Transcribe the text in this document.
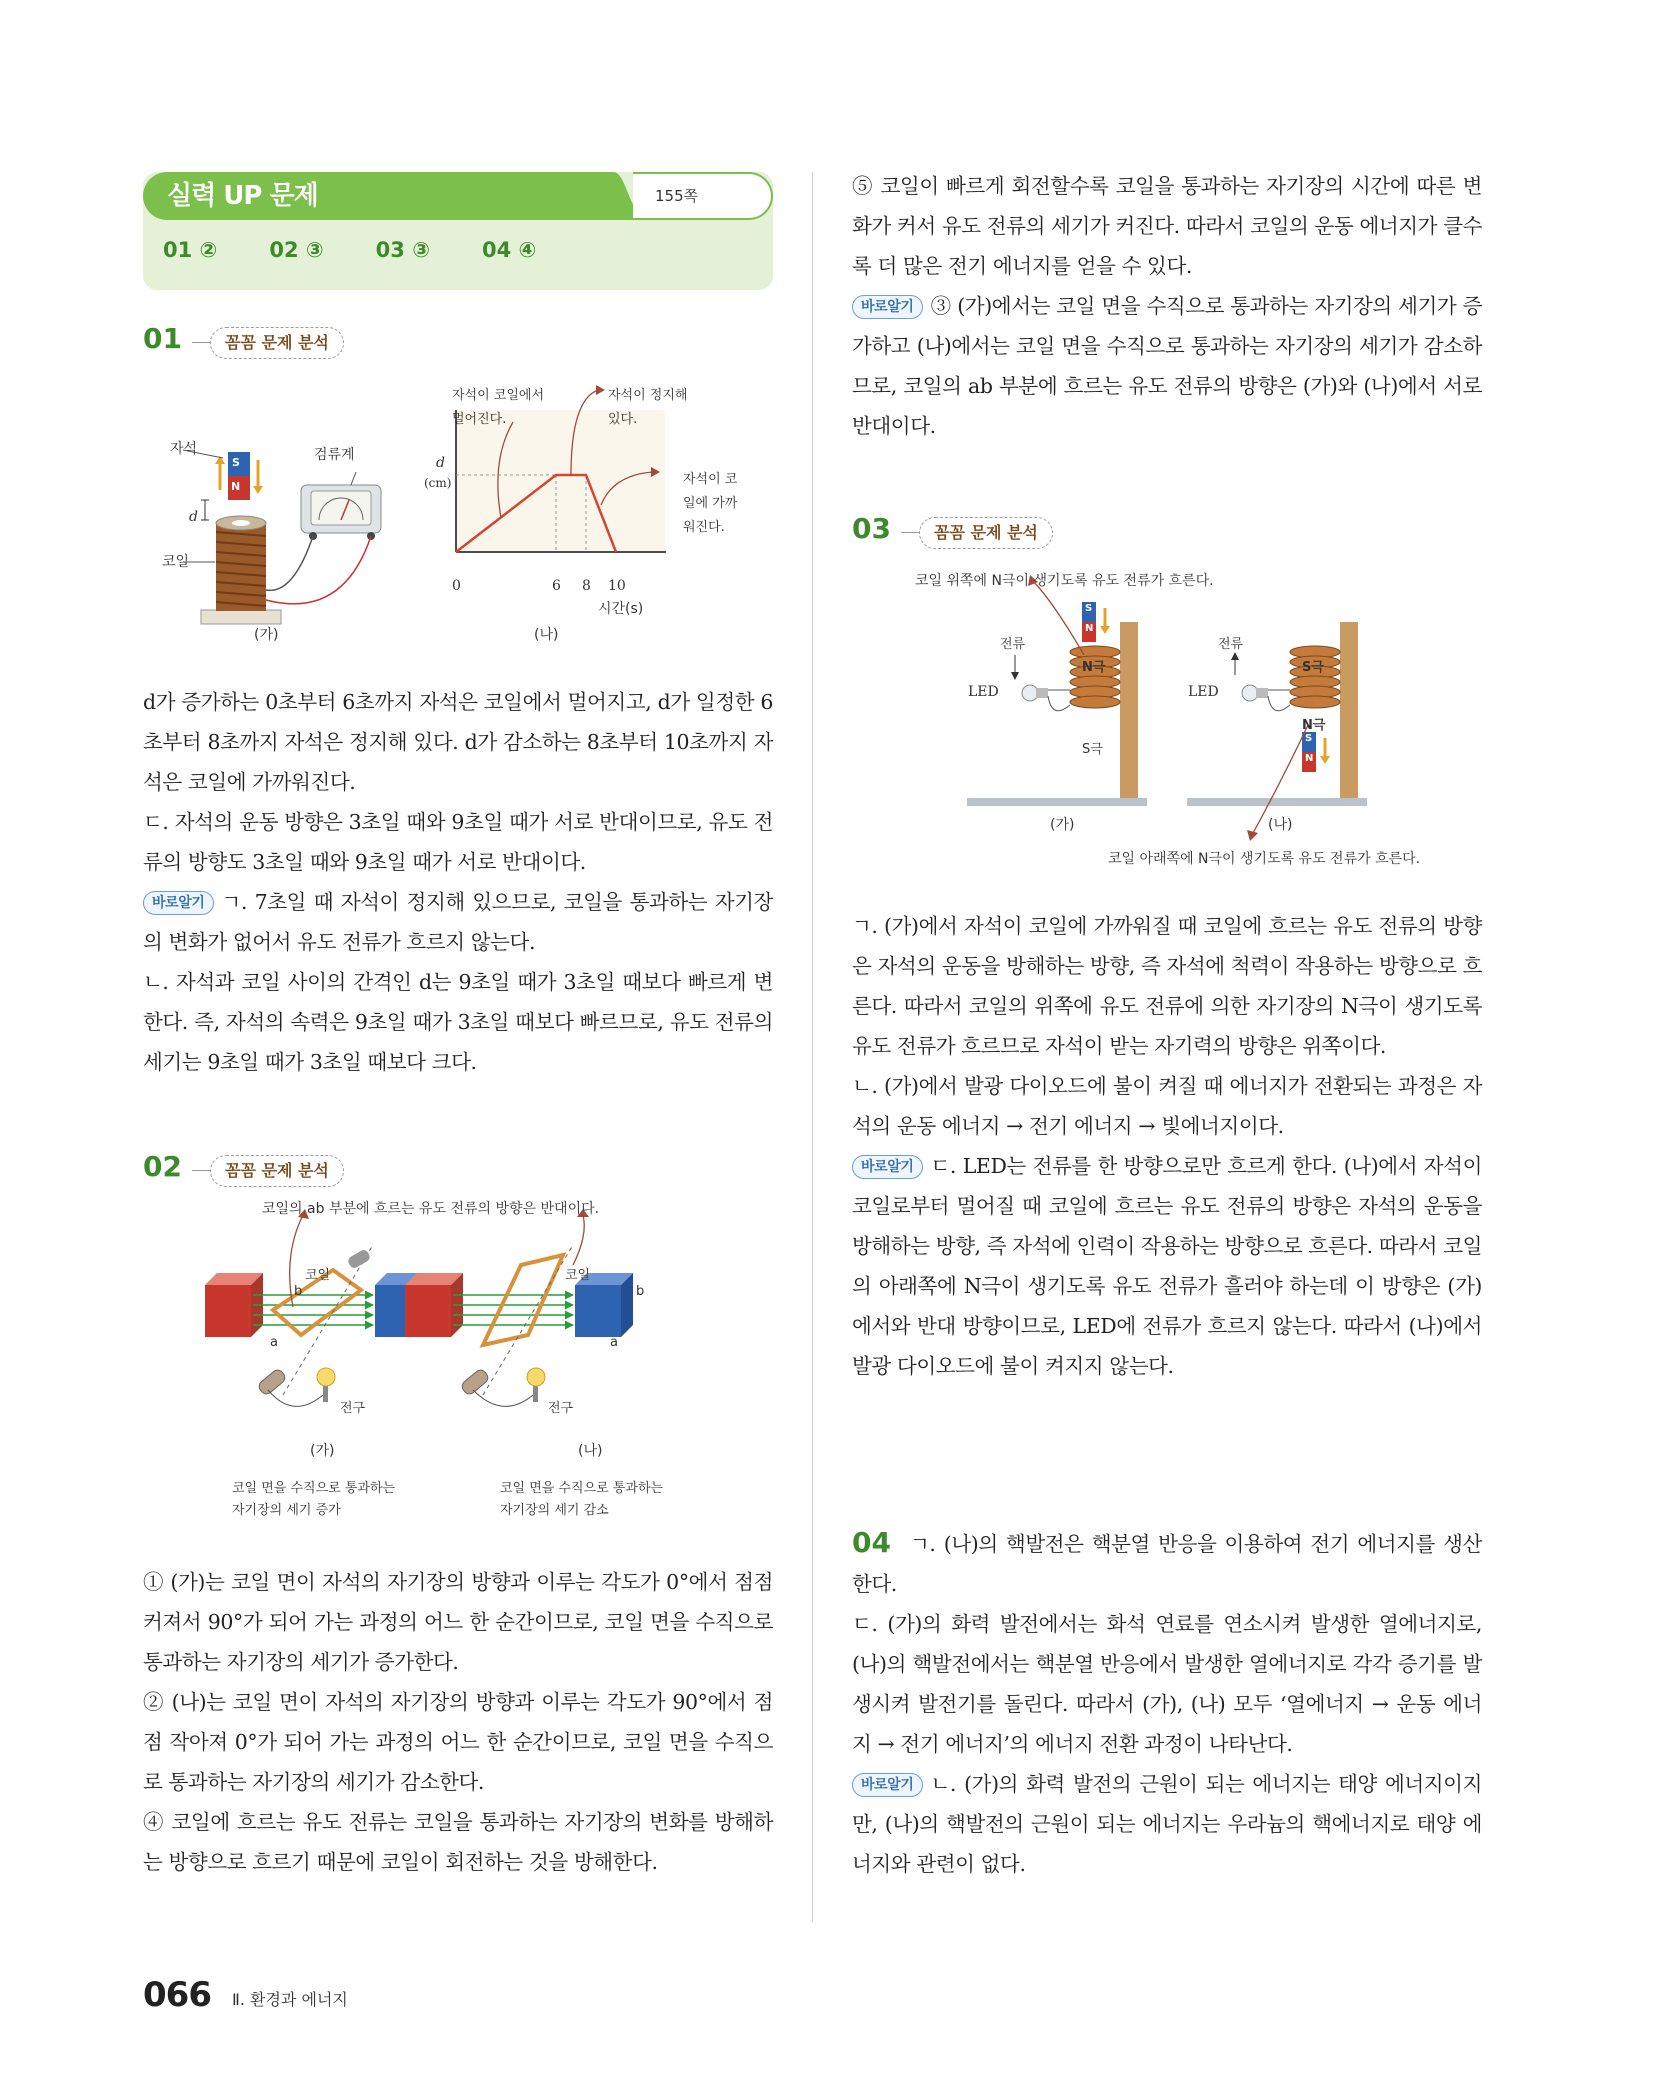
실력 UP 문제	155쪽
01 ② 02 ③ 03 ③ 04 ④
01	꼼꼼 문제 분석
자석	검류계
코일
d
S
N
(가)	(나)
d
(cm)
0	6 8 10
시간(s)
자석이 코일에서
멀어진다.
자석이 정지해
있다.
자석이 코
일에 가까
워진다.

d가 증가하는 0초부터 6초까지 자석은 코일에서 멀어지고, d가 일정한 6초부터 8초까지 자석은 정지해 있다. d가 감소하는 8초부터 10초까지 자석은 코일에 가까워진다.

ㄷ. 자석의 운동 방향은 3초일 때와 9초일 때가 서로 반대이므로, 유도 전류의 방향도 3초일 때와 9초일 때가 서로 반대이다.

바로알기 ㄱ. 7초일 때 자석이 정지해 있으므로, 코일을 통과하는 자기장의 변화가 없어서 유도 전류가 흐르지 않는다.

ㄴ. 자석과 코일 사이의 간격인 d는 9초일 때가 3초일 때보다 빠르게 변한다. 즉, 자석의 속력은 9초일 때가 3초일 때보다 빠르므로, 유도 전류의 세기는 9초일 때가 3초일 때보다 크다.

02	꼼꼼 문제 분석
코일의 ab 부분에 흐르는 유도 전류의 방향은 반대이다.
코일	코일
b	b
a	a
N	S N	S
전구	전구
(가)	(나)
코일 면을 수직으로 통과하는
자기장의 세기 증가
코일 면을 수직으로 통과하는
자기장의 세기 감소

① (가)는 코일 면이 자석의 자기장의 방향과 이루는 각도가 0°에서 점점 커져서 90°가 되어 가는 과정의 어느 한 순간이므로, 코일 면을 수직으로 통과하는 자기장의 세기가 증가한다.

② (나)는 코일 면이 자석의 자기장의 방향과 이루는 각도가 90°에서 점점 작아져 0°가 되어 가는 과정의 어느 한 순간이므로, 코일 면을 수직으로 통과하는 자기장의 세기가 감소한다.

④ 코일에 흐르는 유도 전류는 코일을 통과하는 자기장의 변화를 방해하는 방향으로 흐르기 때문에 코일이 회전하는 것을 방해한다.

⑤ 코일이 빠르게 회전할수록 코일을 통과하는 자기장의 시간에 따른 변화가 커서 유도 전류의 세기가 커진다. 따라서 코일의 운동 에너지가 클수록 더 많은 전기 에너지를 얻을 수 있다.

바로알기 ③ (가)에서는 코일 면을 수직으로 통과하는 자기장의 세기가 증가하고 (나)에서는 코일 면을 수직으로 통과하는 자기장의 세기가 감소하므로, 코일의 ab 부분에 흐르는 유도 전류의 방향은 (가)와 (나)에서 서로 반대이다.

03	꼼꼼 문제 분석
코일 위쪽에 N극이 생기도록 유도 전류가 흐른다.
전류	전류
LED	LED
N극
S극
S극
N극
S
N
S
N
(가)	(나)
코일 아래쪽에 N극이 생기도록 유도 전류가 흐른다.

ㄱ. (가)에서 자석이 코일에 가까워질 때 코일에 흐르는 유도 전류의 방향은 자석의 운동을 방해하는 방향, 즉 자석에 척력이 작용하는 방향으로 흐른다. 따라서 코일의 위쪽에 유도 전류에 의한 자기장의 N극이 생기도록 유도 전류가 흐르므로 자석이 받는 자기력의 방향은 위쪽이다.

ㄴ. (가)에서 발광 다이오드에 불이 켜질 때 에너지가 전환되는 과정은 자석의 운동 에너지 → 전기 에너지 → 빛에너지이다.

바로알기 ㄷ. LED는 전류를 한 방향으로만 흐르게 한다. (나)에서 자석이 코일로부터 멀어질 때 코일에 흐르는 유도 전류의 방향은 자석의 운동을 방해하는 방향, 즉 자석에 인력이 작용하는 방향으로 흐른다. 따라서 코일의 아래쪽에 N극이 생기도록 유도 전류가 흘러야 하는데 이 방향은 (가)에서와 반대 방향이므로, LED에 전류가 흐르지 않는다. 따라서 (나)에서 발광 다이오드에 불이 켜지지 않는다.

04 ㄱ. (나)의 핵발전은 핵분열 반응을 이용하여 전기 에너지를 생산한다.

ㄷ. (가)의 화력 발전에서는 화석 연료를 연소시켜 발생한 열에너지로, (나)의 핵발전에서는 핵분열 반응에서 발생한 열에너지로 각각 증기를 발생시켜 발전기를 돌린다. 따라서 (가), (나) 모두 ‘열에너지 → 운동 에너지 → 전기 에너지’의 에너지 전환 과정이 나타난다.

바로알기 ㄴ. (가)의 화력 발전의 근원이 되는 에너지는 태양 에너지이지만, (나)의 핵발전의 근원이 되는 에너지는 우라늄의 핵에너지로 태양 에너지와 관련이 없다.

066 Ⅱ. 환경과 에너지
